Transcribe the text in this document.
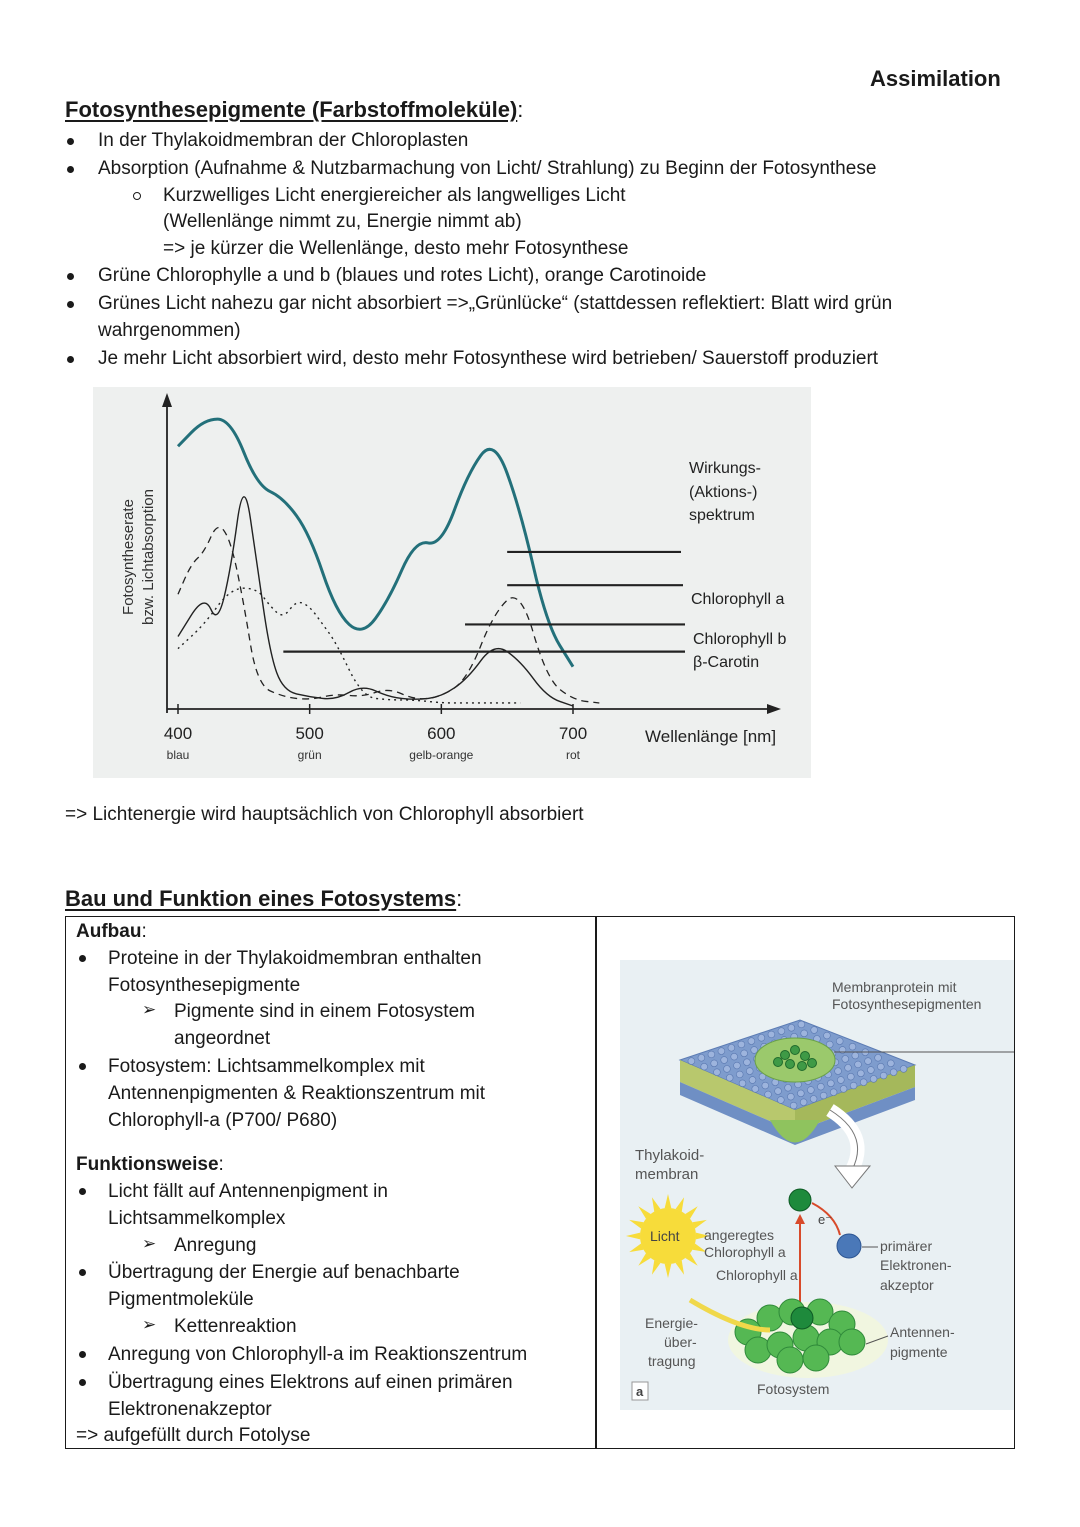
Assimilation
Fotosynthesepigmente (Farbstoffmoleküle):
In der Thylakoidmembran der Chloroplasten
Absorption (Aufnahme & Nutzbarmachung von Licht/ Strahlung) zu Beginn der Fotosynthese
Kurzwelliges Licht energiereicher als langwelliges Licht
(Wellenlänge nimmt zu, Energie nimmt ab)
=> je kürzer die Wellenlänge, desto mehr Fotosynthese
Grüne Chlorophylle a und b (blaues und rotes Licht), orange Carotinoide
Grünes Licht nahezu gar nicht absorbiert =>„Grünlücke“ (stattdessen reflektiert: Blatt wird grün
wahrgenommen)
Je mehr Licht absorbiert wird, desto mehr Fotosynthese wird betrieben/ Sauerstoff produziert
400
blau
500
grün
600
gelb-orange
700
rot
Fotosyntheserate bzw. Lichtabsorption
Wellenlänge [nm]
Wirkungs-
(Aktions-)
spektrum
Chlorophyll a
Chlorophyll b
β-Carotin
=> Lichtenergie wird hauptsächlich von Chlorophyll absorbiert
Bau und Funktion eines Fotosystems:
Aufbau:
Proteine in der Thylakoidmembran enthalten
Fotosynthesepigmente
➢ Pigmente sind in einem Fotosystem
angeordnet
Fotosystem: Lichtsammelkomplex mit
Antennenpigmenten & Reaktionszentrum mit
Chlorophyll-a (P700/ P680)
Funktionsweise:
Licht fällt auf Antennenpigment in
Lichtsammelkomplex
➢ Anregung
Übertragung der Energie auf benachbarte
Pigmentmoleküle
➢ Kettenreaktion
Anregung von Chlorophyll-a im Reaktionszentrum
Übertragung eines Elektrons auf einen primären
Elektronenakzeptor
=> aufgefüllt durch Fotolyse
Membranprotein mit
Fotosynthesepigmenten
Thylakoid-
membran
Licht angeregtes
Chlorophyll a
Chlorophyll a
e⁻
primärer
Elektronen-
akzeptor
Energie-
über-
tragung
Antennen-
pigmente
Fotosystem
a
